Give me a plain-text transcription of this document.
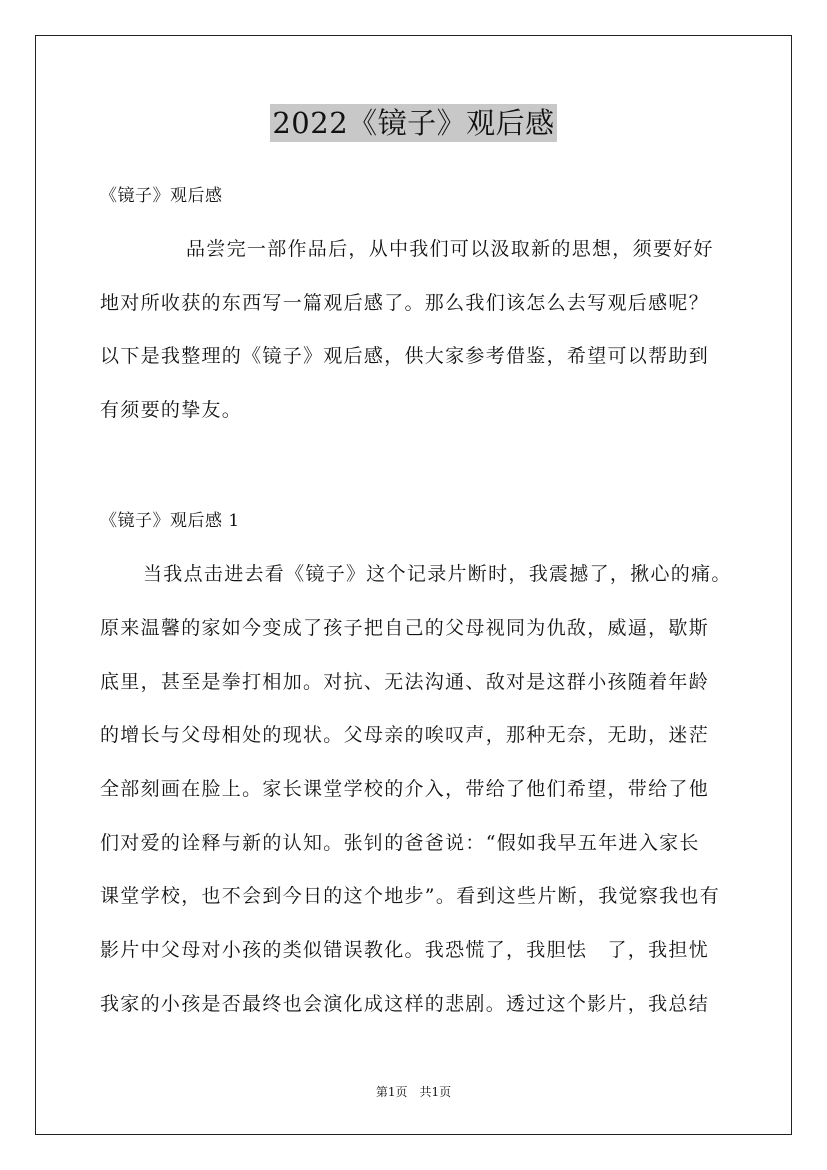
2022《镜子》观后感
《镜子》观后感
品尝完一部作品后，从中我们可以汲取新的思想，须要好好
地对所收获的东西写一篇观后感了。那么我们该怎么去写观后感呢？
以下是我整理的《镜子》观后感，供大家参考借鉴，希望可以帮助到
有须要的挚友。
《镜子》观后感 1
当我点击进去看《镜子》这个记录片断时，我震撼了，揪心的痛。
原来温馨的家如今变成了孩子把自己的父母视同为仇敌，威逼，歇斯
底里，甚至是拳打相加。对抗、无法沟通、敌对是这群小孩随着年龄
的增长与父母相处的现状。父母亲的唉叹声，那种无奈，无助，迷茫
全部刻画在脸上。家长课堂学校的介入，带给了他们希望，带给了他
们对爱的诠释与新的认知。张钊的爸爸说：“假如我早五年进入家长
课堂学校，也不会到今日的这个地步”。看到这些片断，我觉察我也有
影片中父母对小孩的类似错误教化。我恐慌了，我胆怯　了，我担忧
我家的小孩是否最终也会演化成这样的悲剧。透过这个影片，我总结
第1页　共1页
